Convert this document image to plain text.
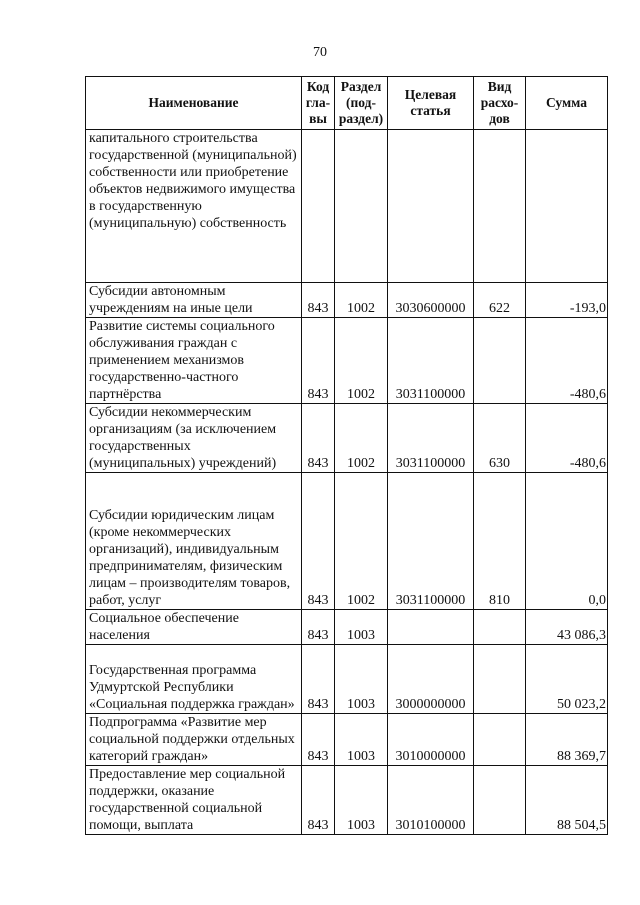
70
Наименование	Код гла-вы	Раздел (под-раздел)	Целевая статья	Вид расхо-дов	Сумма
капитального строительства государственной (муниципальной) собственности или приобретение объектов недвижимого имущества в государственную (муниципальную) собственность					
Субсидии автономным учреждениям на иные цели	843	1002	3030600000	622	-193,0
Развитие системы социального обслуживания граждан с применением механизмов государственно-частного партнёрства	843	1002	3031100000		-480,6
Субсидии некоммерческим организациям (за исключением государственных (муниципальных) учреждений)	843	1002	3031100000	630	-480,6
Субсидии юридическим лицам (кроме некоммерческих организаций), индивидуальным предпринимателям, физическим лицам – производителям товаров, работ, услуг	843	1002	3031100000	810	0,0
Социальное обеспечение населения	843	1003			43 086,3
Государственная программа Удмуртской Республики «Социальная поддержка граждан»	843	1003	3000000000		50 023,2
Подпрограмма «Развитие мер социальной поддержки отдельных категорий граждан»	843	1003	3010000000		88 369,7
Предоставление мер социальной поддержки, оказание государственной социальной помощи, выплата	843	1003	3010100000		88 504,5
